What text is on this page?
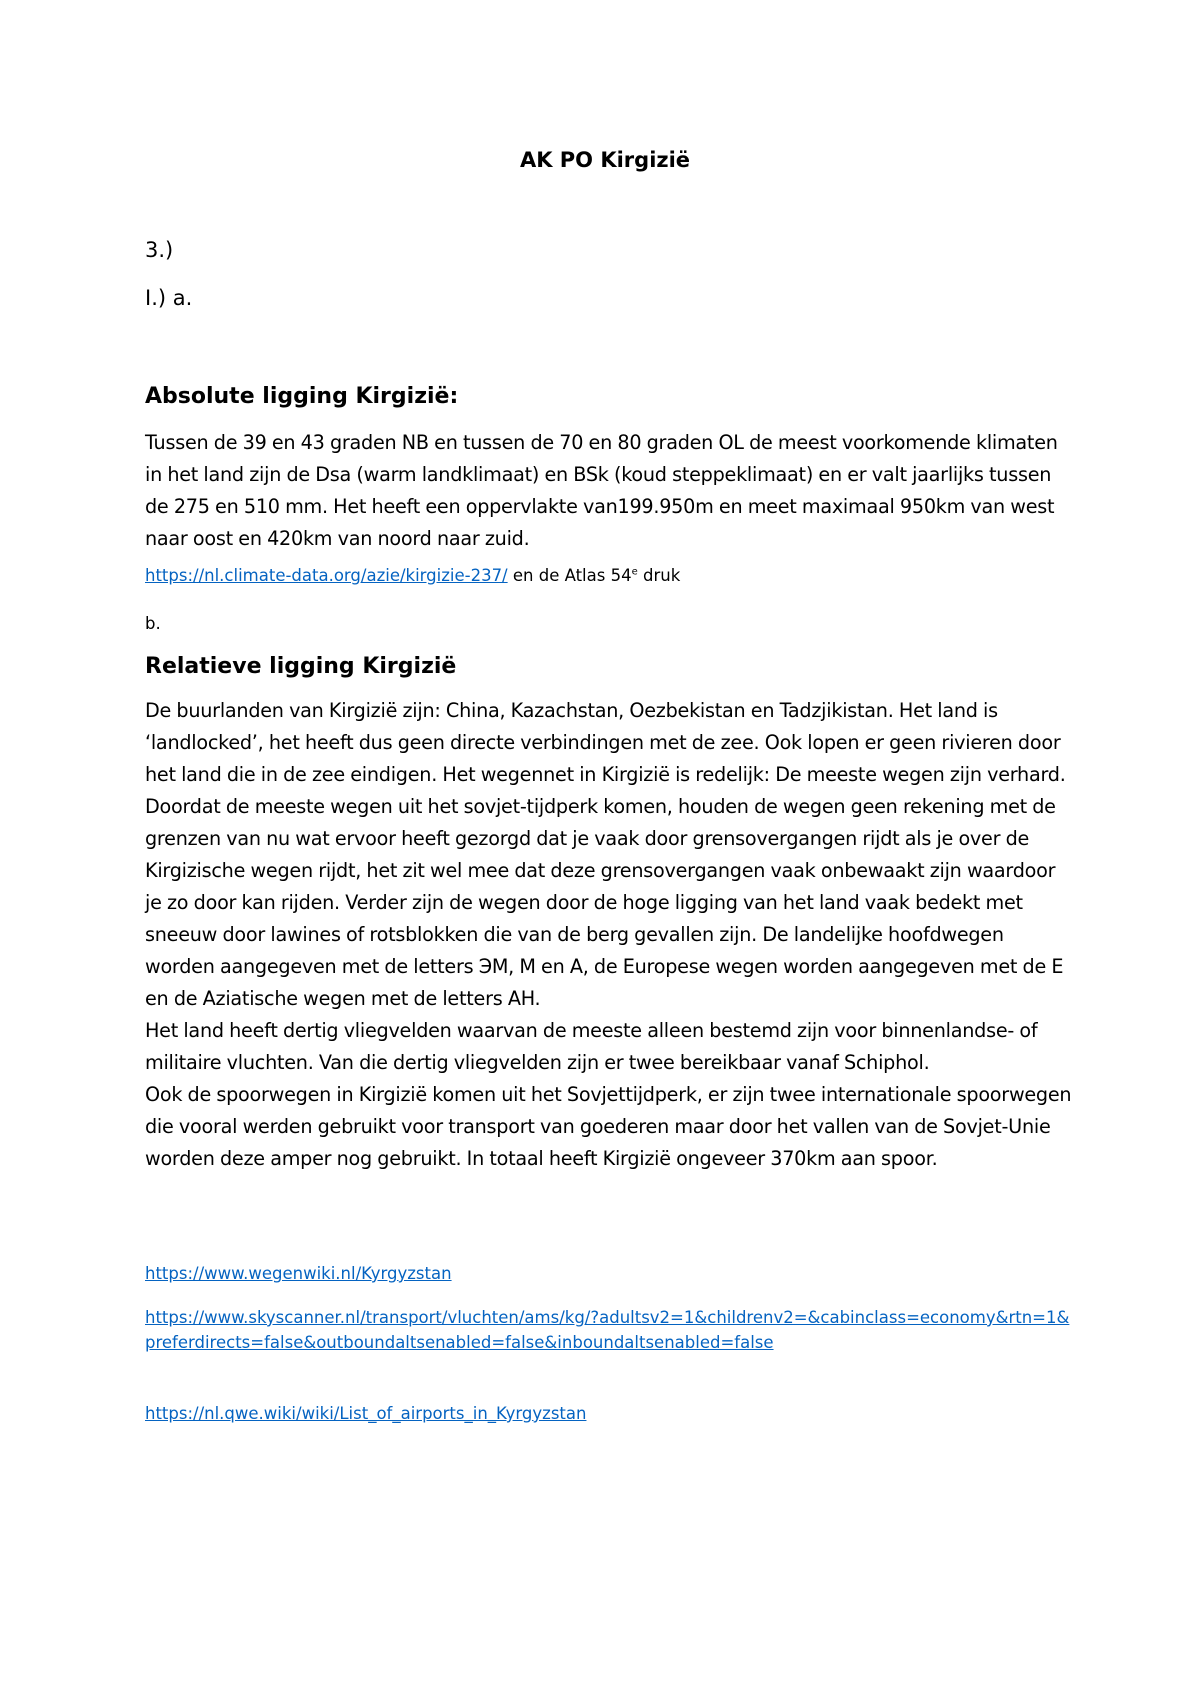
AK PO Kirgizië

3.)

I.) a.

Absolute ligging Kirgizië:

Tussen de 39 en 43 graden NB en tussen de 70 en 80 graden OL de meest voorkomende klimaten in het land zijn de Dsa (warm landklimaat) en BSk (koud steppeklimaat) en er valt jaarlijks tussen de 275 en 510 mm. Het heeft een oppervlakte van199.950m en meet maximaal 950km van west naar oost en 420km van noord naar zuid.

https://nl.climate-data.org/azie/kirgizie-237/ en de Atlas 54e druk

b.

Relatieve ligging Kirgizië

De buurlanden van Kirgizië zijn: China, Kazachstan, Oezbekistan en Tadzjikistan. Het land is ‘landlocked’, het heeft dus geen directe verbindingen met de zee. Ook lopen er geen rivieren door het land die in de zee eindigen. Het wegennet in Kirgizië is redelijk: De meeste wegen zijn verhard. Doordat de meeste wegen uit het sovjet-tijdperk komen, houden de wegen geen rekening met de grenzen van nu wat ervoor heeft gezorgd dat je vaak door grensovergangen rijdt als je over de Kirgizische wegen rijdt, het zit wel mee dat deze grensovergangen vaak onbewaakt zijn waardoor je zo door kan rijden. Verder zijn de wegen door de hoge ligging van het land vaak bedekt met sneeuw door lawines of rotsblokken die van de berg gevallen zijn. De landelijke hoofdwegen worden aangegeven met de letters ЭМ, M en A, de Europese wegen worden aangegeven met de E en de Aziatische wegen met de letters AH.

Het land heeft dertig vliegvelden waarvan de meeste alleen bestemd zijn voor binnenlandse- of militaire vluchten. Van die dertig vliegvelden zijn er twee bereikbaar vanaf Schiphol.

Ook de spoorwegen in Kirgizië komen uit het Sovjettijdperk, er zijn twee internationale spoorwegen die vooral werden gebruikt voor transport van goederen maar door het vallen van de Sovjet-Unie worden deze amper nog gebruikt. In totaal heeft Kirgizië ongeveer 370km aan spoor.

https://www.wegenwiki.nl/Kyrgyzstan

https://www.skyscanner.nl/transport/vluchten/ams/kg/?adultsv2=1&childrenv2=&cabinclass=economy&rtn=1&preferdirects=false&outboundaltsenabled=false&inboundaltsenabled=false

https://nl.qwe.wiki/wiki/List_of_airports_in_Kyrgyzstan
